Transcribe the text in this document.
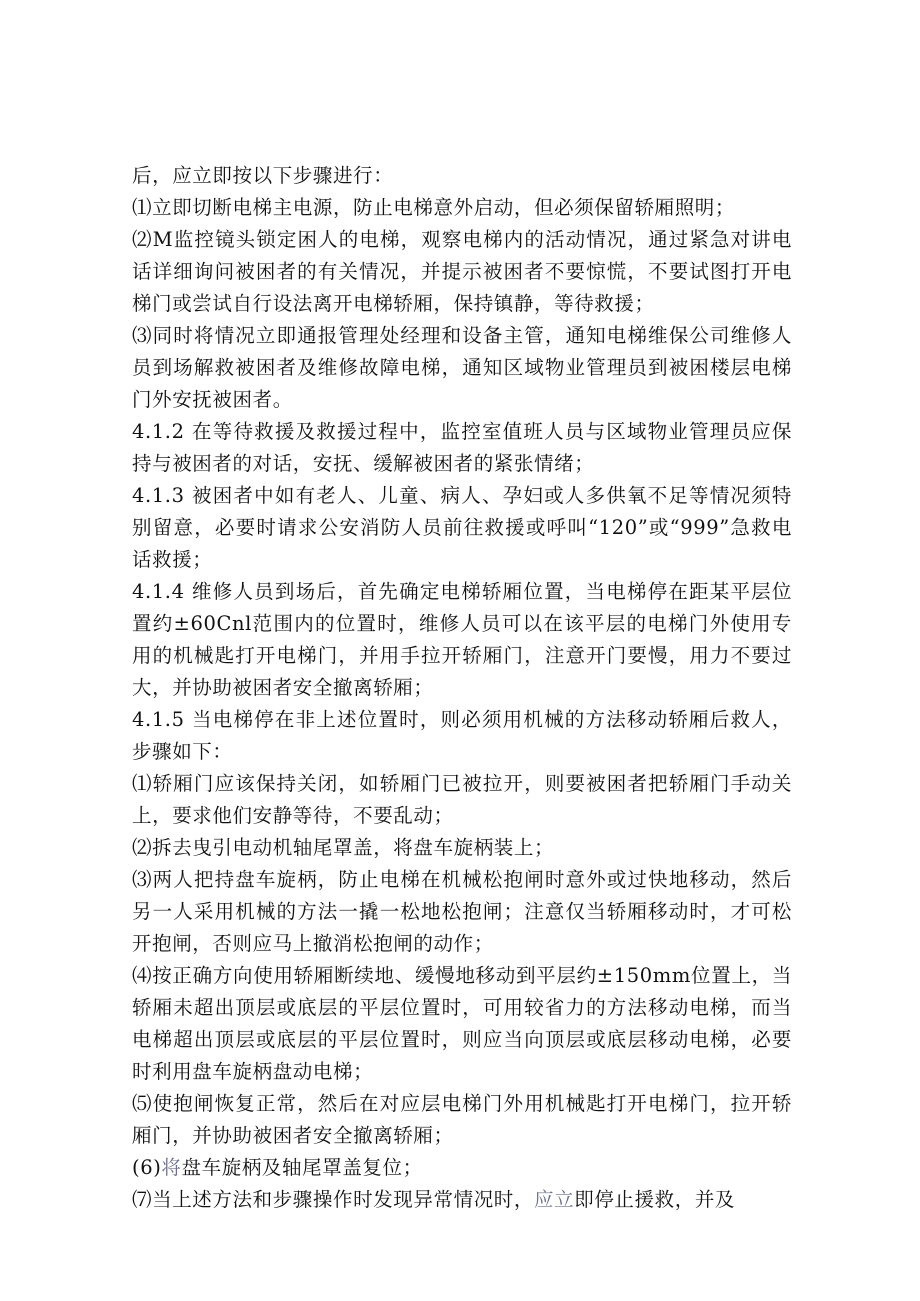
后，应立即按以下步骤进行：

⑴立即切断电梯主电源，防止电梯意外启动，但必须保留轿厢照明；

⑵M监控镜头锁定困人的电梯，观察电梯内的活动情况，通过紧急对讲电话详细询问被困者的有关情况，并提示被困者不要惊慌，不要试图打开电梯门或尝试自行设法离开电梯轿厢，保持镇静，等待救援；

⑶同时将情况立即通报管理处经理和设备主管，通知电梯维保公司维修人员到场解救被困者及维修故障电梯，通知区域物业管理员到被困楼层电梯门外安抚被困者。

4.1.2 在等待救援及救援过程中，监控室值班人员与区域物业管理员应保持与被困者的对话，安抚、缓解被困者的紧张情绪；

4.1.3 被困者中如有老人、儿童、病人、孕妇或人多供氧不足等情况须特别留意，必要时请求公安消防人员前往救援或呼叫“120”或“999”急救电话救援；

4.1.4 维修人员到场后，首先确定电梯轿厢位置，当电梯停在距某平层位置约±60Cnl范围内的位置时，维修人员可以在该平层的电梯门外使用专用的机械匙打开电梯门，并用手拉开轿厢门，注意开门要慢，用力不要过大，并协助被困者安全撤离轿厢；

4.1.5 当电梯停在非上述位置时，则必须用机械的方法移动轿厢后救人，步骤如下：

⑴轿厢门应该保持关闭，如轿厢门已被拉开，则要被困者把轿厢门手动关上，要求他们安静等待，不要乱动；

⑵拆去曳引电动机轴尾罩盖，将盘车旋柄装上；

⑶两人把持盘车旋柄，防止电梯在机械松抱闸时意外或过快地移动，然后另一人采用机械的方法一撬一松地松抱闸；注意仅当轿厢移动时，才可松开抱闸，否则应马上撤消松抱闸的动作；

⑷按正确方向使用轿厢断续地、缓慢地移动到平层约±150mm位置上，当轿厢未超出顶层或底层的平层位置时，可用较省力的方法移动电梯，而当电梯超出顶层或底层的平层位置时，则应当向顶层或底层移动电梯，必要时利用盘车旋柄盘动电梯；

⑸使抱闸恢复正常，然后在对应层电梯门外用机械匙打开电梯门，拉开轿厢门，并协助被困者安全撤离轿厢；

(6)将盘车旋柄及轴尾罩盖复位；

⑺当上述方法和步骤操作时发现异常情况时，应立即停止援救，并及
